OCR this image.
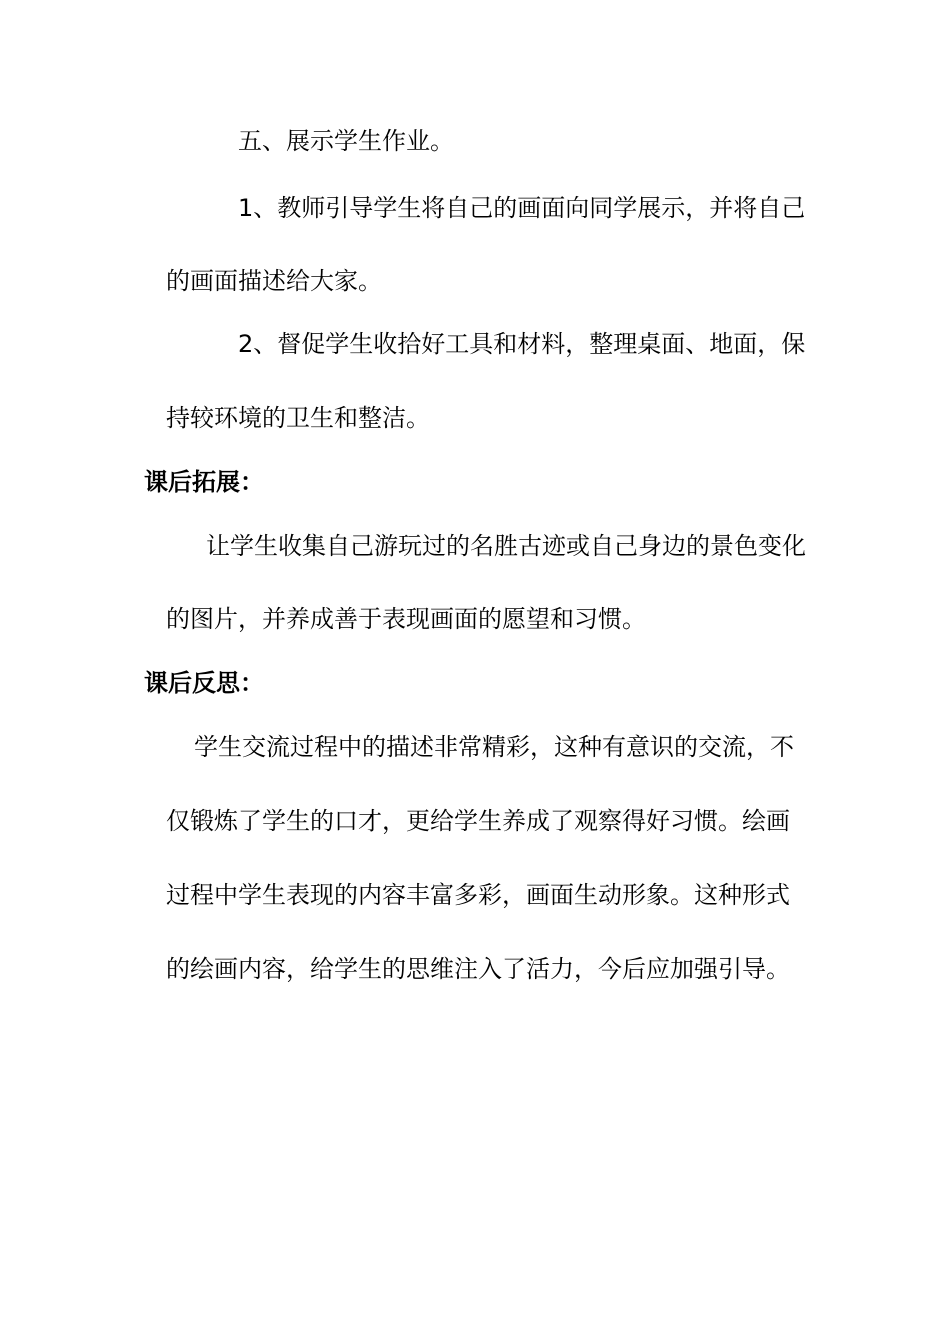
五、展示学生作业。
1、教师引导学生将自己的画面向同学展示，并将自己
的画面描述给大家。
2、督促学生收拾好工具和材料，整理桌面、地面，保
持较环境的卫生和整洁。
课后拓展：
让学生收集自己游玩过的名胜古迹或自己身边的景色变化
的图片，并养成善于表现画面的愿望和习惯。
课后反思：
学生交流过程中的描述非常精彩，这种有意识的交流，不
仅锻炼了学生的口才，更给学生养成了观察得好习惯。绘画
过程中学生表现的内容丰富多彩，画面生动形象。这种形式
的绘画内容，给学生的思维注入了活力，今后应加强引导。
